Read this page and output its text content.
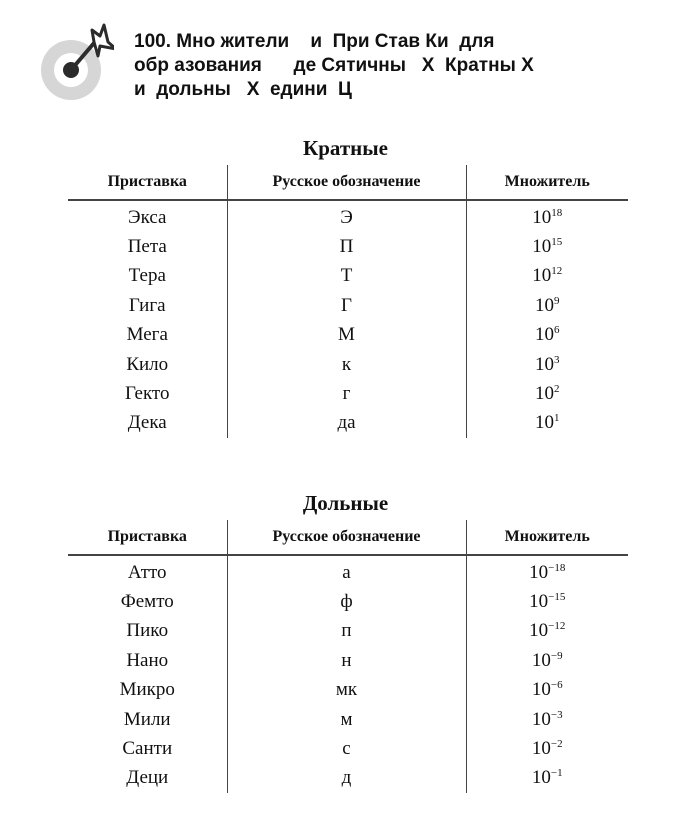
100. Мно жители    и  При Став Ки  для
обр азования      де Сятичны   Х  Кратны Х
и  дольны   Х  едини  Ц
Кратные
Приставка	Русское обозначение	Множитель
Экса	Э	$10^{18}$
Пета	П	$10^{15}$
Тера	Т	$10^{12}$
Гига	Г	$10^9$
Мега	М	$10^6$
Кило	к	$10^3$
Гекто	г	$10^2$
Дека	да	$10^1$
Дольные
Приставка	Русское обозначение	Множитель
Атто	а	$10^{-18}$
Фемто	ф	$10^{-15}$
Пико	п	$10^{-12}$
Нано	н	$10^{-9}$
Микро	мк	$10^{-6}$
Мили	м	$10^{-3}$
Санти	с	$10^{-2}$
Деци	д	$10^{-1}$
